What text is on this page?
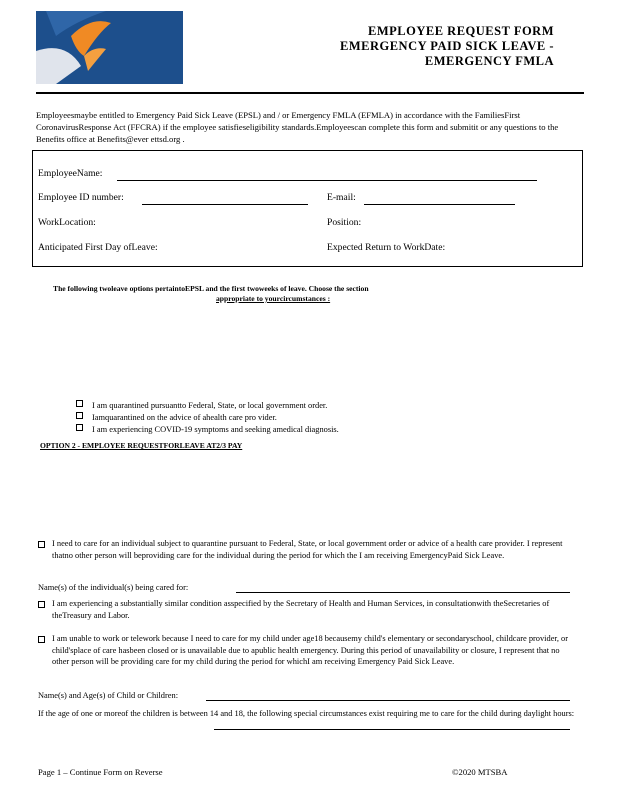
EMPLOYEE REQUEST FORM
EMERGENCY PAID SICK LEAVE -
EMERGENCY FMLA
Employeesmaybe entitled to Emergency Paid Sick Leave (EPSL) and / or Emergency FMLA (EFMLA) in accordance with the FamiliesFirst CoronavirusResponse Act (FFCRA) if the employee satisfieseligibility standards.Employeescan complete this form and submitit or any questions to the Benefits office at Benefits@ever ettsd.org .
EmployeeName:
Employee ID number:	E-mail:
WorkLocation:	Position:
Anticipated First Day ofLeave:	Expected Return to WorkDate:
The following twoleave options pertaintoEPSL and the first twoweeks of leave. Choose the section
appropriate to yourcircumstances :
I am quarantined pursuantto Federal, State, or local government order.
Iamquarantined on the advice of ahealth care pro vider.
I am experiencing COVID-19 symptoms and seeking amedical diagnosis.
OPTION 2 - EMPLOYEE REQUESTFORLEAVE AT2/3 PAY
I need to care for an individual subject to quarantine pursuant to Federal, State, or local government order or advice of a health care provider. I represent thatno other person will beproviding care for the individual during the period for which the I am receiving EmergencyPaid Sick Leave.
Name(s) of the individual(s) being cared for:
I am experiencing a substantially similar condition asspecified by the Secretary of Health and Human Services, in consultationwith theSecretaries of theTreasury and Labor.
I am unable to work or telework because I need to care for my child under age18 becausemy child's elementary or secondaryschool, childcare provider, or child'splace of care hasbeen closed or is unavailable due to apublic health emergency. During this period of unavailability or closure, I represent that no other person will be providing care for my child during the period for whichI am receiving Emergency Paid Sick Leave.
Name(s) and Age(s) of Child or Children:
If the age of one or moreof the children is between 14 and 18, the following special circumstances exist requiring me to care for the child during daylight hours:
Page 1 – Continue Form on Reverse	©2020 MTSBA
